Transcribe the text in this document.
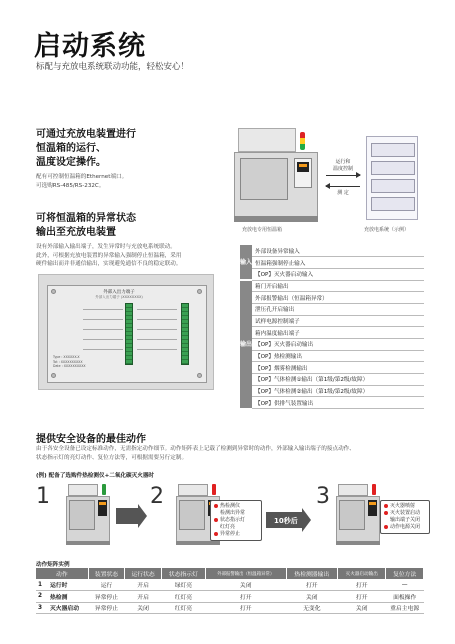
启动系统
标配与充放电系统联动功能，轻松安心！
可通过充放电装置进行
恒温箱的运行、
温度设定操作。
配有可控制恒温箱的Ethernet端口。
可选购RS-485/RS-232C。
运行和
温度控制
测 定
充放电专用恒温箱	充放电系统（示例）
可将恒温箱的异常状态
输出至充放电装置
设有外部输入输出端子，发生异常时与充放电系统联动。
此外，可根据充放电装置的异常输入强制停止恒温箱，采用
硬件输出而并非通信输出，实现避免通信不良的稳定联动。
外部入出力端子
外部入出力端子 (XXXXXXXX)
Type : XXXXXX-X
Tot : XXXXXXXXXX
Date : XXXXXXXXXX
输入	外部设备异常输入
	恒温箱强制停止输入
	【OP】灭火器启动输入
输出	箱门开启输出
	外部报警输出（恒温箱异常）
	泄压孔开启输出
	试样电源控制端子
	箱内温度输出端子
	【OP】灭火器启动输出
	【OP】热检测输出
	【OP】烟雾检测输出
	【OP】气体检测①输出（第1级/第2级/故障）
	【OP】气体检测②输出（第1级/第2级/故障）
	【OP】供排气装置输出
提供安全设备的最佳动作
由于各安全设备已设定标准动作，无需指定动作细节。动作矩阵表上记载了检测到异常时的动作，外部输入输出端子的接点动作、
状态指示灯的亮灯动作、复位方法等，可根据需要另行定制。
(例) 配备了选购件热检测仪+二氧化碳灭火器时
1	2	热检测仪
检测出异常
状态指示灯
红灯亮
异常停止
10秒后
3	灭火器喷射
灭火装置启动
输出端子关闭
动作电源关闭
动作矩阵实例
动作		装置状态	运行状态	状态指示灯	外部报警输出（恒温箱异常）	热检测器输出	灭火器启动输出	复位方法
1	运行时	运行	开启	绿灯亮	关闭	打开	打开	—
2	热检测	异常停止	开启	红灯亮	打开	关闭	打开	面板操作
3	灭火器启动	异常停止	关闭	红灯亮	打开	无变化	关闭	重启主电源
